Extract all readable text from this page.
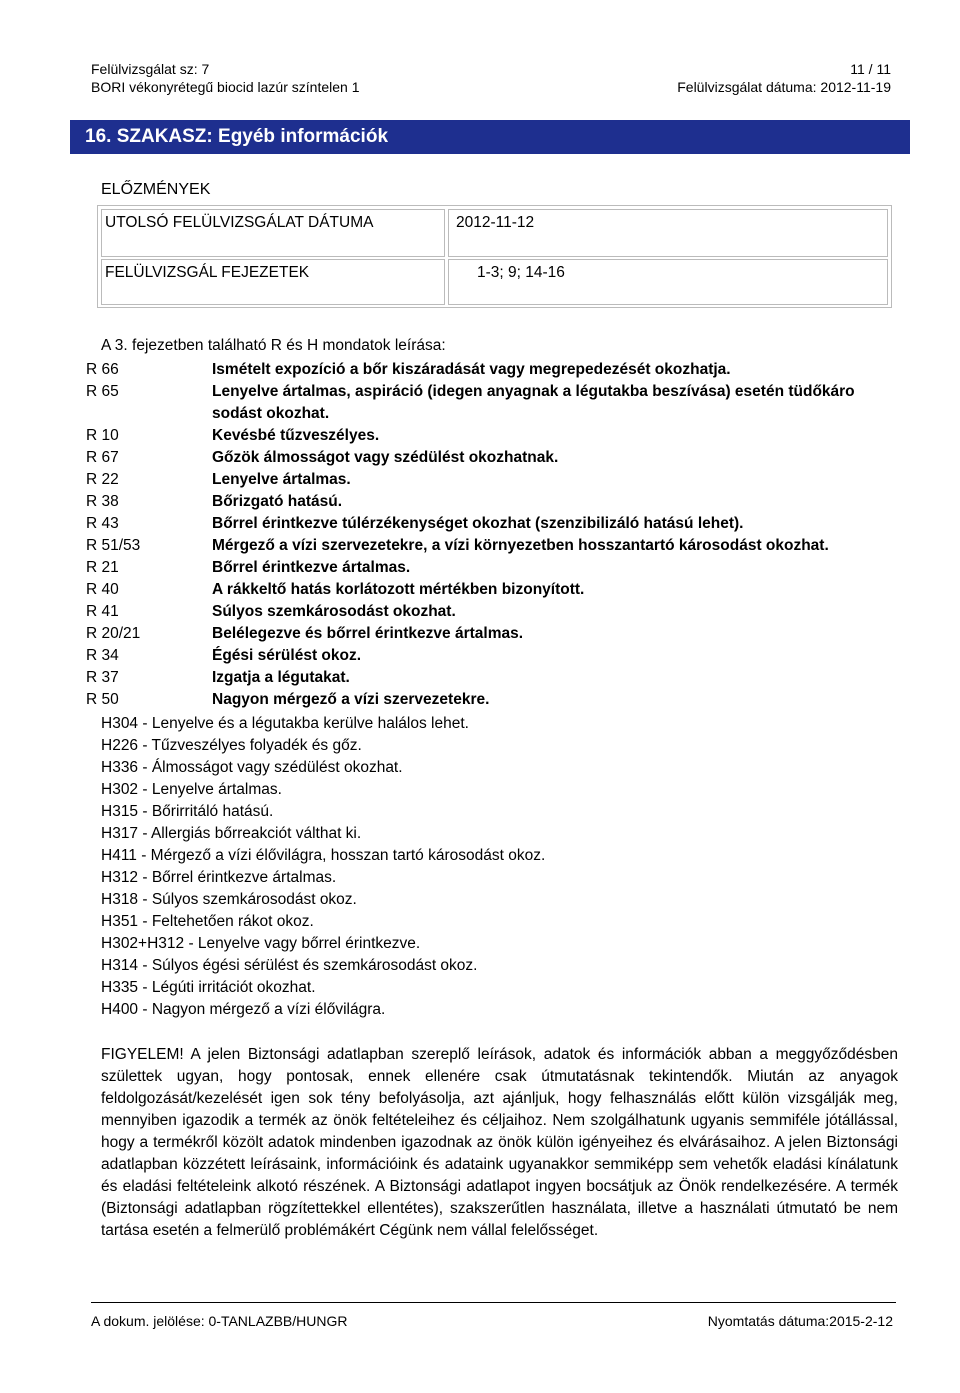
Felülvizsgálat sz: 7	11 / 11
BORI vékonyrétegű biocid lazúr színtelen 1	Felülvizsgálat dátuma: 2012-11-19
16. SZAKASZ: Egyéb információk
ELŐZMÉNYEK
UTOLSÓ FELÜLVIZSGÁLAT DÁTUMA	2012-11-12
FELÜLVIZSGÁL FEJEZETEK	1-3; 9; 14-16
A 3. fejezetben található R és H mondatok leírása:
R 66	Ismételt expozíció a bőr kiszáradását vagy megrepedezését okozhatja.
R 65	Lenyelve ártalmas, aspiráció (idegen anyagnak a légutakba beszívása) esetén tüdőkáro sodást okozhat.
R 10	Kevésbé tűzveszélyes.
R 67	Gőzök álmosságot vagy szédülést okozhatnak.
R 22	Lenyelve ártalmas.
R 38	Bőrizgató hatású.
R 43	Bőrrel érintkezve túlérzékenységet okozhat (szenzibilizáló hatású lehet).
R 51/53	Mérgező a vízi szervezetekre, a vízi környezetben hosszantartó károsodást okozhat.
R 21	Bőrrel érintkezve ártalmas.
R 40	A rákkeltő hatás korlátozott mértékben bizonyított.
R 41	Súlyos szemkárosodást okozhat.
R 20/21	Belélegezve és bőrrel érintkezve ártalmas.
R 34	Égési sérülést okoz.
R 37	Izgatja a légutakat.
R 50	Nagyon mérgező a vízi szervezetekre.
H304 - Lenyelve és a légutakba kerülve halálos lehet.
H226 - Tűzveszélyes folyadék és gőz.
H336 - Álmosságot vagy szédülést okozhat.
H302 - Lenyelve ártalmas.
H315 - Bőrirritáló hatású.
H317 - Allergiás bőrreakciót válthat ki.
H411 - Mérgező a vízi élővilágra, hosszan tartó károsodást okoz.
H312 - Bőrrel érintkezve ártalmas.
H318 - Súlyos szemkárosodást okoz.
H351 - Feltehetően rákot okoz.
H302+H312 - Lenyelve vagy bőrrel érintkezve.
H314 - Súlyos égési sérülést és szemkárosodást okoz.
H335 - Légúti irritációt okozhat.
H400 - Nagyon mérgező a vízi élővilágra.

FIGYELEM! A jelen Biztonsági adatlapban szereplő leírások, adatok és információk abban a meggyőződésben születtek ugyan, hogy pontosak, ennek ellenére csak útmutatásnak tekintendők. Miután az anyagok feldolgozását/kezelését igen sok tény befolyásolja, azt ajánljuk, hogy felhasználás előtt külön vizsgálják meg, mennyiben igazodik a termék az önök feltételeihez és céljaihoz. Nem szolgálhatunk ugyanis semmiféle jótállással, hogy a termékről közölt adatok mindenben igazodnak az önök külön igényeihez és elvárásaihoz. A jelen Biztonsági adatlapban közzétett leírásaink, információink és adataink ugyanakkor semmiképp sem vehetők eladási kínálatunk és eladási feltételeink alkotó részének. A Biztonsági adatlapot ingyen bocsátjuk az Önök rendelkezésére. A termék (Biztonsági adatlapban rögzítettekkel ellentétes), szakszerűtlen használata, illetve a használati útmutató be nem tartása esetén a felmerülő problémákért Cégünk nem vállal felelősséget.

A dokum. jelölése: 0-TANLAZBB/HUNGR	Nyomtatás dátuma:2015-2-12
